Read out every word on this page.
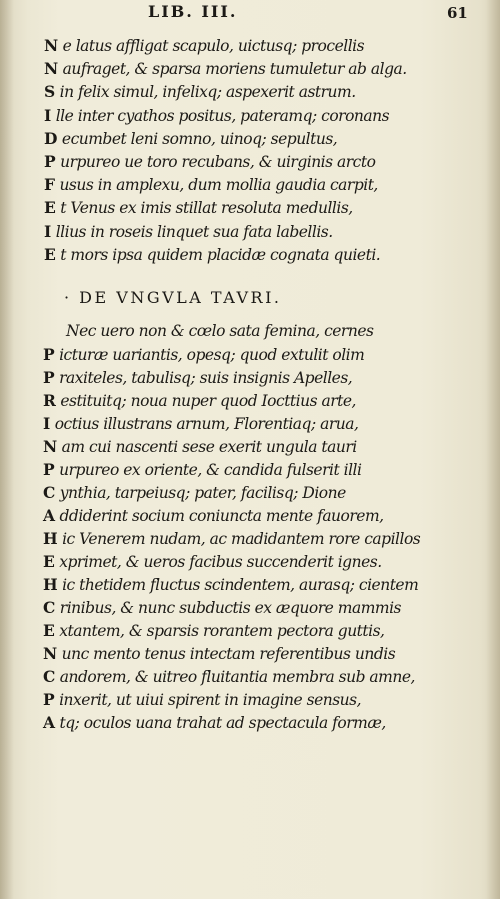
LIB. III.	61
N e latus affligat scapulo, uictusq; procellis
N aufraget, & sparsa moriens tumuletur ab alga.
S in felix simul, infelixq; aspexerit astrum.
I lle inter cyathos positus, pateramq; coronans
D ecumbet leni somno, uinoq; sepultus,
P urpureo ue toro recubans, & uirginis arcto
F usus in amplexu, dum mollia gaudia carpit,
E t Venus ex imis stillat resoluta medullis,
I llius in roseis linquet sua fata labellis.
E t mors ipsa quidem placidæ cognata quieti.
· DE VNGVLA TAVRI.
Nec uero non & cœlo sata femina, cernes
P icturæ uariantis, opesq; quod extulit olim
P raxiteles, tabulisq; suis insignis Apelles,
R estituitq; noua nuper quod Iocttius arte,
I octius illustrans arnum, Florentiaq; arua,
N am cui nascenti sese exerit ungula tauri
P urpureo ex oriente, & candida fulserit illi
C ynthia, tarpeiusq; pater, facilisq; Dione
A ddiderint socium coniuncta mente fauorem,
H ic Venerem nudam, ac madidantem rore capillos
E xprimet, & ueros facibus succenderit ignes.
H ic thetidem fluctus scindentem, aurasq; cientem
C rinibus, & nunc subductis ex æquore mammis
E xtantem, & sparsis rorantem pectora guttis,
N unc mento tenus intectam referentibus undis
C andorem, & uitreo fluitantia membra sub amne,
P inxerit, ut uiui spirent in imagine sensus,
A tq; oculos uana trahat ad spectacula formæ,
